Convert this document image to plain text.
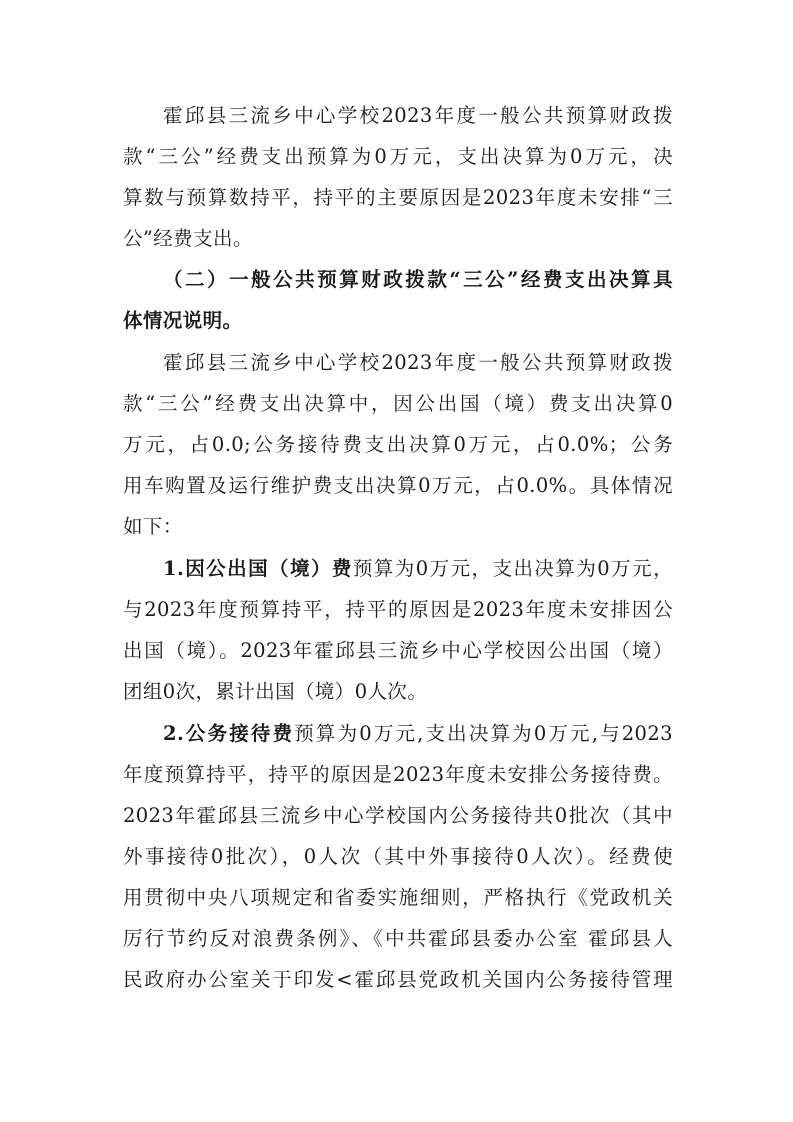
霍邱县三流乡中心学校2023年度一般公共预算财政拨
款“三公”经费支出预算为0万元，支出决算为0万元，决
算数与预算数持平，持平的主要原因是2023年度未安排“三
公”经费支出。
（二）一般公共预算财政拨款“三公”经费支出决算具
体情况说明。
霍邱县三流乡中心学校2023年度一般公共预算财政拨
款“三公”经费支出决算中，因公出国（境）费支出决算0
万元，占0.0;公务接待费支出决算0万元，占0.0%；公务
用车购置及运行维护费支出决算0万元，占0.0%。具体情况
如下：
1.因公出国（境）费预算为0万元，支出决算为0万元，
与2023年度预算持平，持平的原因是2023年度未安排因公
出国（境）。2023年霍邱县三流乡中心学校因公出国（境）
团组0次，累计出国（境）0人次。
2.公务接待费预算为0万元,支出决算为0万元,与2023
年度预算持平，持平的原因是2023年度未安排公务接待费。
2023年霍邱县三流乡中心学校国内公务接待共0批次（其中
外事接待0批次），0人次（其中外事接待0人次）。经费使
用贯彻中央八项规定和省委实施细则，严格执行《党政机关
厉行节约反对浪费条例》、《中共霍邱县委办公室 霍邱县人
民政府办公室关于印发<霍邱县党政机关国内公务接待管理
